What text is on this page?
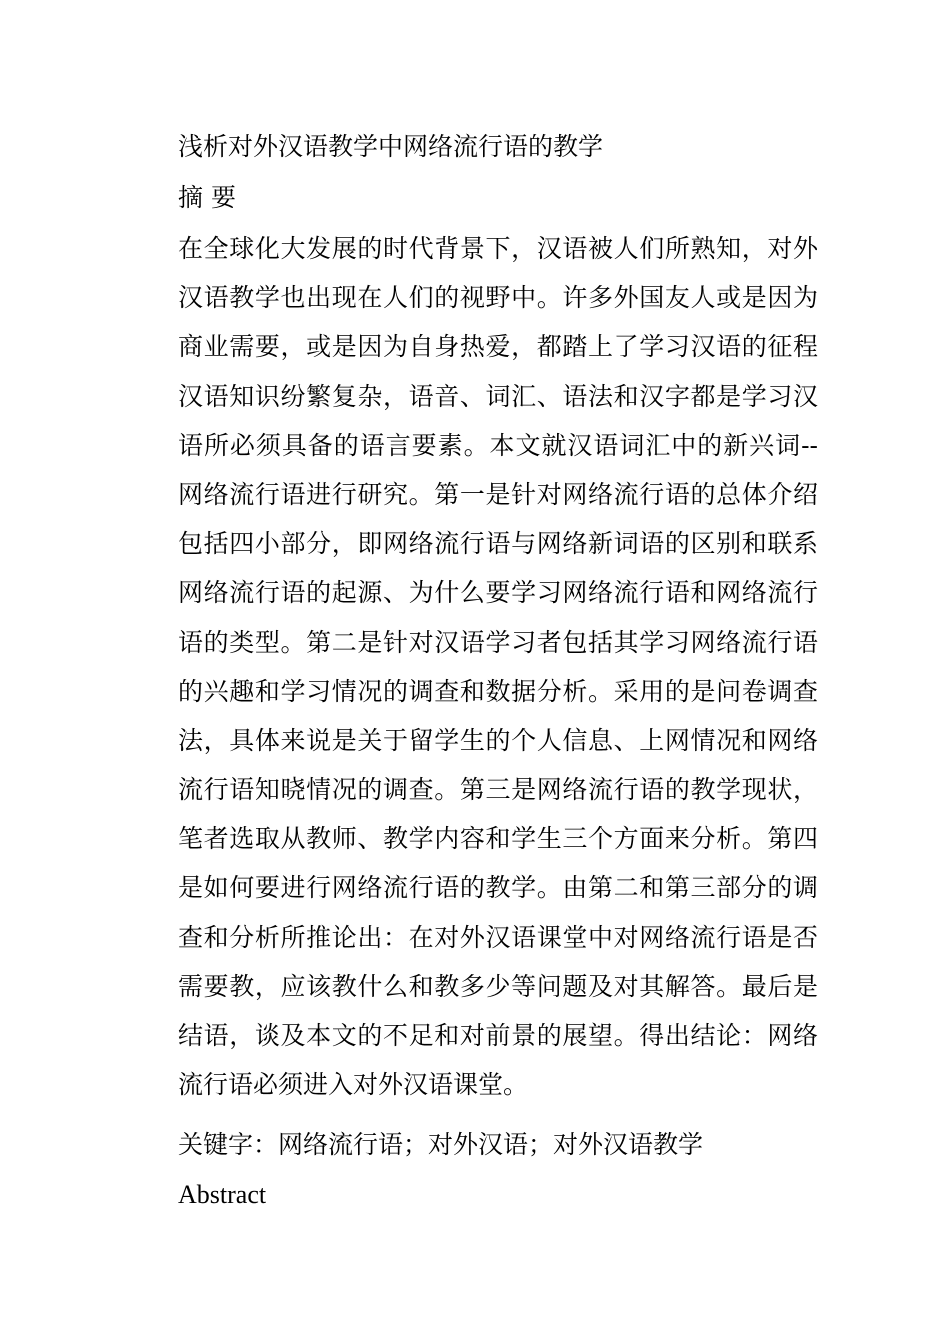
浅析对外汉语教学中网络流行语的教学
摘 要
在全球化大发展的时代背景下，汉语被人们所熟知，对外
汉语教学也出现在人们的视野中。许多外国友人或是因为
商业需要，或是因为自身热爱，都踏上了学习汉语的征程
汉语知识纷繁复杂，语音、词汇、语法和汉字都是学习汉
语所必须具备的语言要素。本文就汉语词汇中的新兴词--
网络流行语进行研究。第一是针对网络流行语的总体介绍
包括四小部分，即网络流行语与网络新词语的区别和联系
网络流行语的起源、为什么要学习网络流行语和网络流行
语的类型。第二是针对汉语学习者包括其学习网络流行语
的兴趣和学习情况的调查和数据分析。采用的是问卷调查
法，具体来说是关于留学生的个人信息、上网情况和网络
流行语知晓情况的调查。第三是网络流行语的教学现状，
笔者选取从教师、教学内容和学生三个方面来分析。第四
是如何要进行网络流行语的教学。由第二和第三部分的调
查和分析所推论出：在对外汉语课堂中对网络流行语是否
需要教，应该教什么和教多少等问题及对其解答。最后是
结语，谈及本文的不足和对前景的展望。得出结论：网络
流行语必须进入对外汉语课堂。
关键字：网络流行语；对外汉语；对外汉语教学
Abstract
